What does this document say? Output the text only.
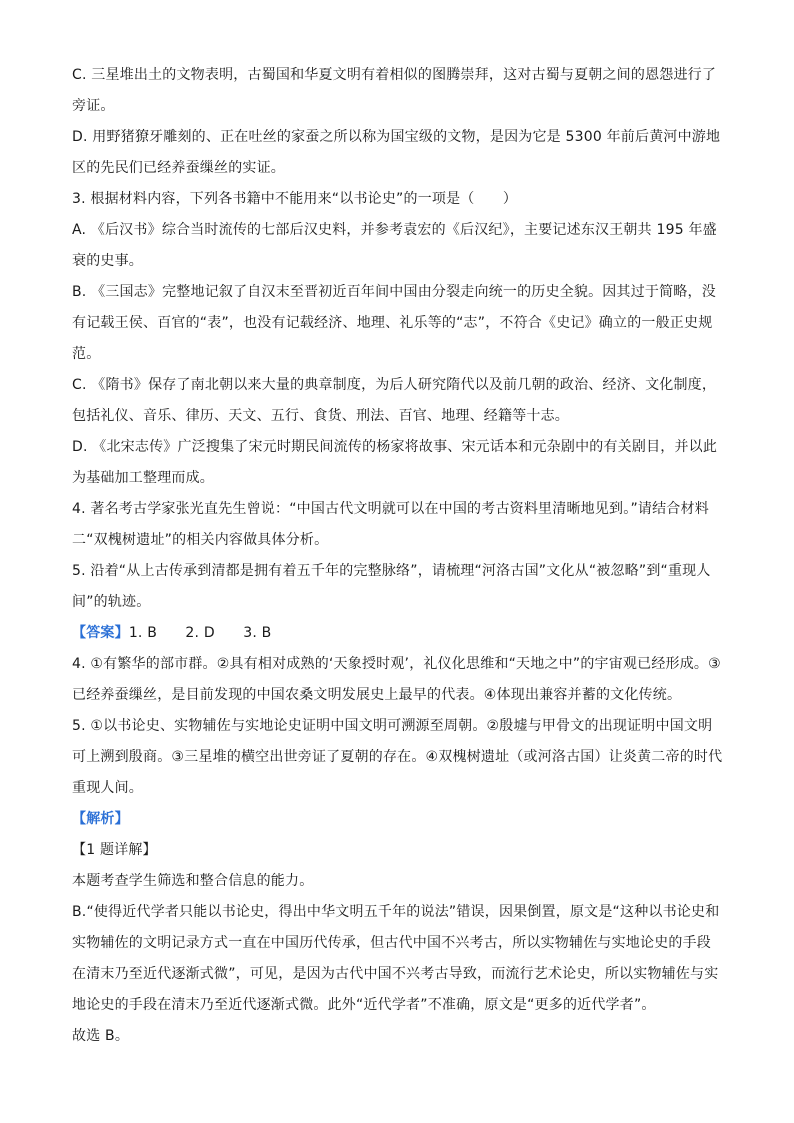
C. 三星堆出土的文物表明，古蜀国和华夏文明有着相似的图腾崇拜，这对古蜀与夏朝之间的恩怨进行了旁证。

D. 用野猪獠牙雕刻的、正在吐丝的家蚕之所以称为国宝级的文物，是因为它是 5300 年前后黄河中游地区的先民们已经养蚕缫丝的实证。

3. 根据材料内容，下列各书籍中不能用来“以书论史”的一项是（　　）

A. 《后汉书》综合当时流传的七部后汉史料，并参考袁宏的《后汉纪》，主要记述东汉王朝共 195 年盛衰的史事。

B. 《三国志》完整地记叙了自汉末至晋初近百年间中国由分裂走向统一的历史全貌。因其过于简略，没有记载王侯、百官的“表”，也没有记载经济、地理、礼乐等的“志”，不符合《史记》确立的一般正史规范。

C. 《隋书》保存了南北朝以来大量的典章制度，为后人研究隋代以及前几朝的政治、经济、文化制度，包括礼仪、音乐、律历、天文、五行、食货、刑法、百官、地理、经籍等十志。

D. 《北宋志传》广泛搜集了宋元时期民间流传的杨家将故事、宋元话本和元杂剧中的有关剧目，并以此为基础加工整理而成。

4. 著名考古学家张光直先生曾说：“中国古代文明就可以在中国的考古资料里清晰地见到。”请结合材料二“双槐树遗址”的相关内容做具体分析。

5. 沿着“从上古传承到清都是拥有着五千年的完整脉络”，请梳理“河洛古国”文化从“被忽略”到“重现人间”的轨迹。

【答案】1. B　　2. D　　3. B

4. ①有繁华的部市群。②具有相对成熟的‘天象授时观’，礼仪化思维和“天地之中”的宇宙观已经形成。③已经养蚕缫丝，是目前发现的中国农桑文明发展史上最早的代表。④体现出兼容并蓄的文化传统。

5. ①以书论史、实物辅佐与实地论史证明中国文明可溯源至周朝。②殷墟与甲骨文的出现证明中国文明可上溯到殷商。③三星堆的横空出世旁证了夏朝的存在。④双槐树遗址（或河洛古国）让炎黄二帝的时代重现人间。

【解析】

【1 题详解】

本题考查学生筛选和整合信息的能力。

B.“使得近代学者只能以书论史，得出中华文明五千年的说法”错误，因果倒置，原文是“这种以书论史和实物辅佐的文明记录方式一直在中国历代传承，但古代中国不兴考古，所以实物辅佐与实地论史的手段在清末乃至近代逐渐式微”，可见，是因为古代中国不兴考古导致，而流行艺术论史，所以实物辅佐与实地论史的手段在清末乃至近代逐渐式微。此外“近代学者”不准确，原文是“更多的近代学者”。

故选 B。
